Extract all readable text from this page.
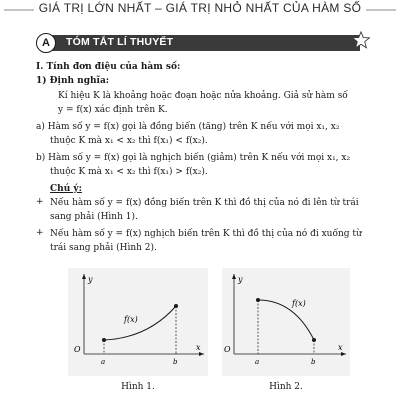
GIÁ TRỊ LỚN NHẤT – GIÁ TRỊ NHỎ NHẤT CỦA HÀM SỐ
A	TÓM TẮT LÍ THUYẾT
I. Tính đơn điệu của hàm số:
1) Định nghĩa:
Kí hiệu K là khoảng hoặc đoạn hoặc nửa khoảng. Giả sử hàm số
y = f(x) xác định trên K.
a) Hàm số y = f(x) gọi là đồng biến (tăng) trên K nếu với mọi x₁, x₂
thuộc K mà x₁ < x₂ thì f(x₁) < f(x₂).
b) Hàm số y = f(x) gọi là nghịch biến (giảm) trên K nếu với mọi x₁, x₂
thuộc K mà x₁ < x₂ thì f(x₁) > f(x₂).
Chú ý:
+ Nếu hàm số y = f(x) đồng biến trên K thì đồ thị của nó đi lên từ trái
sang phải (Hình 1).
+ Nếu hàm số y = f(x) nghịch biến trên K thì đồ thị của nó đi xuống từ
trái sang phải (Hình 2).
y
x
O
a	b
f(x)
Hình 1.
y
x
O
a	b
f(x)
Hình 2.
